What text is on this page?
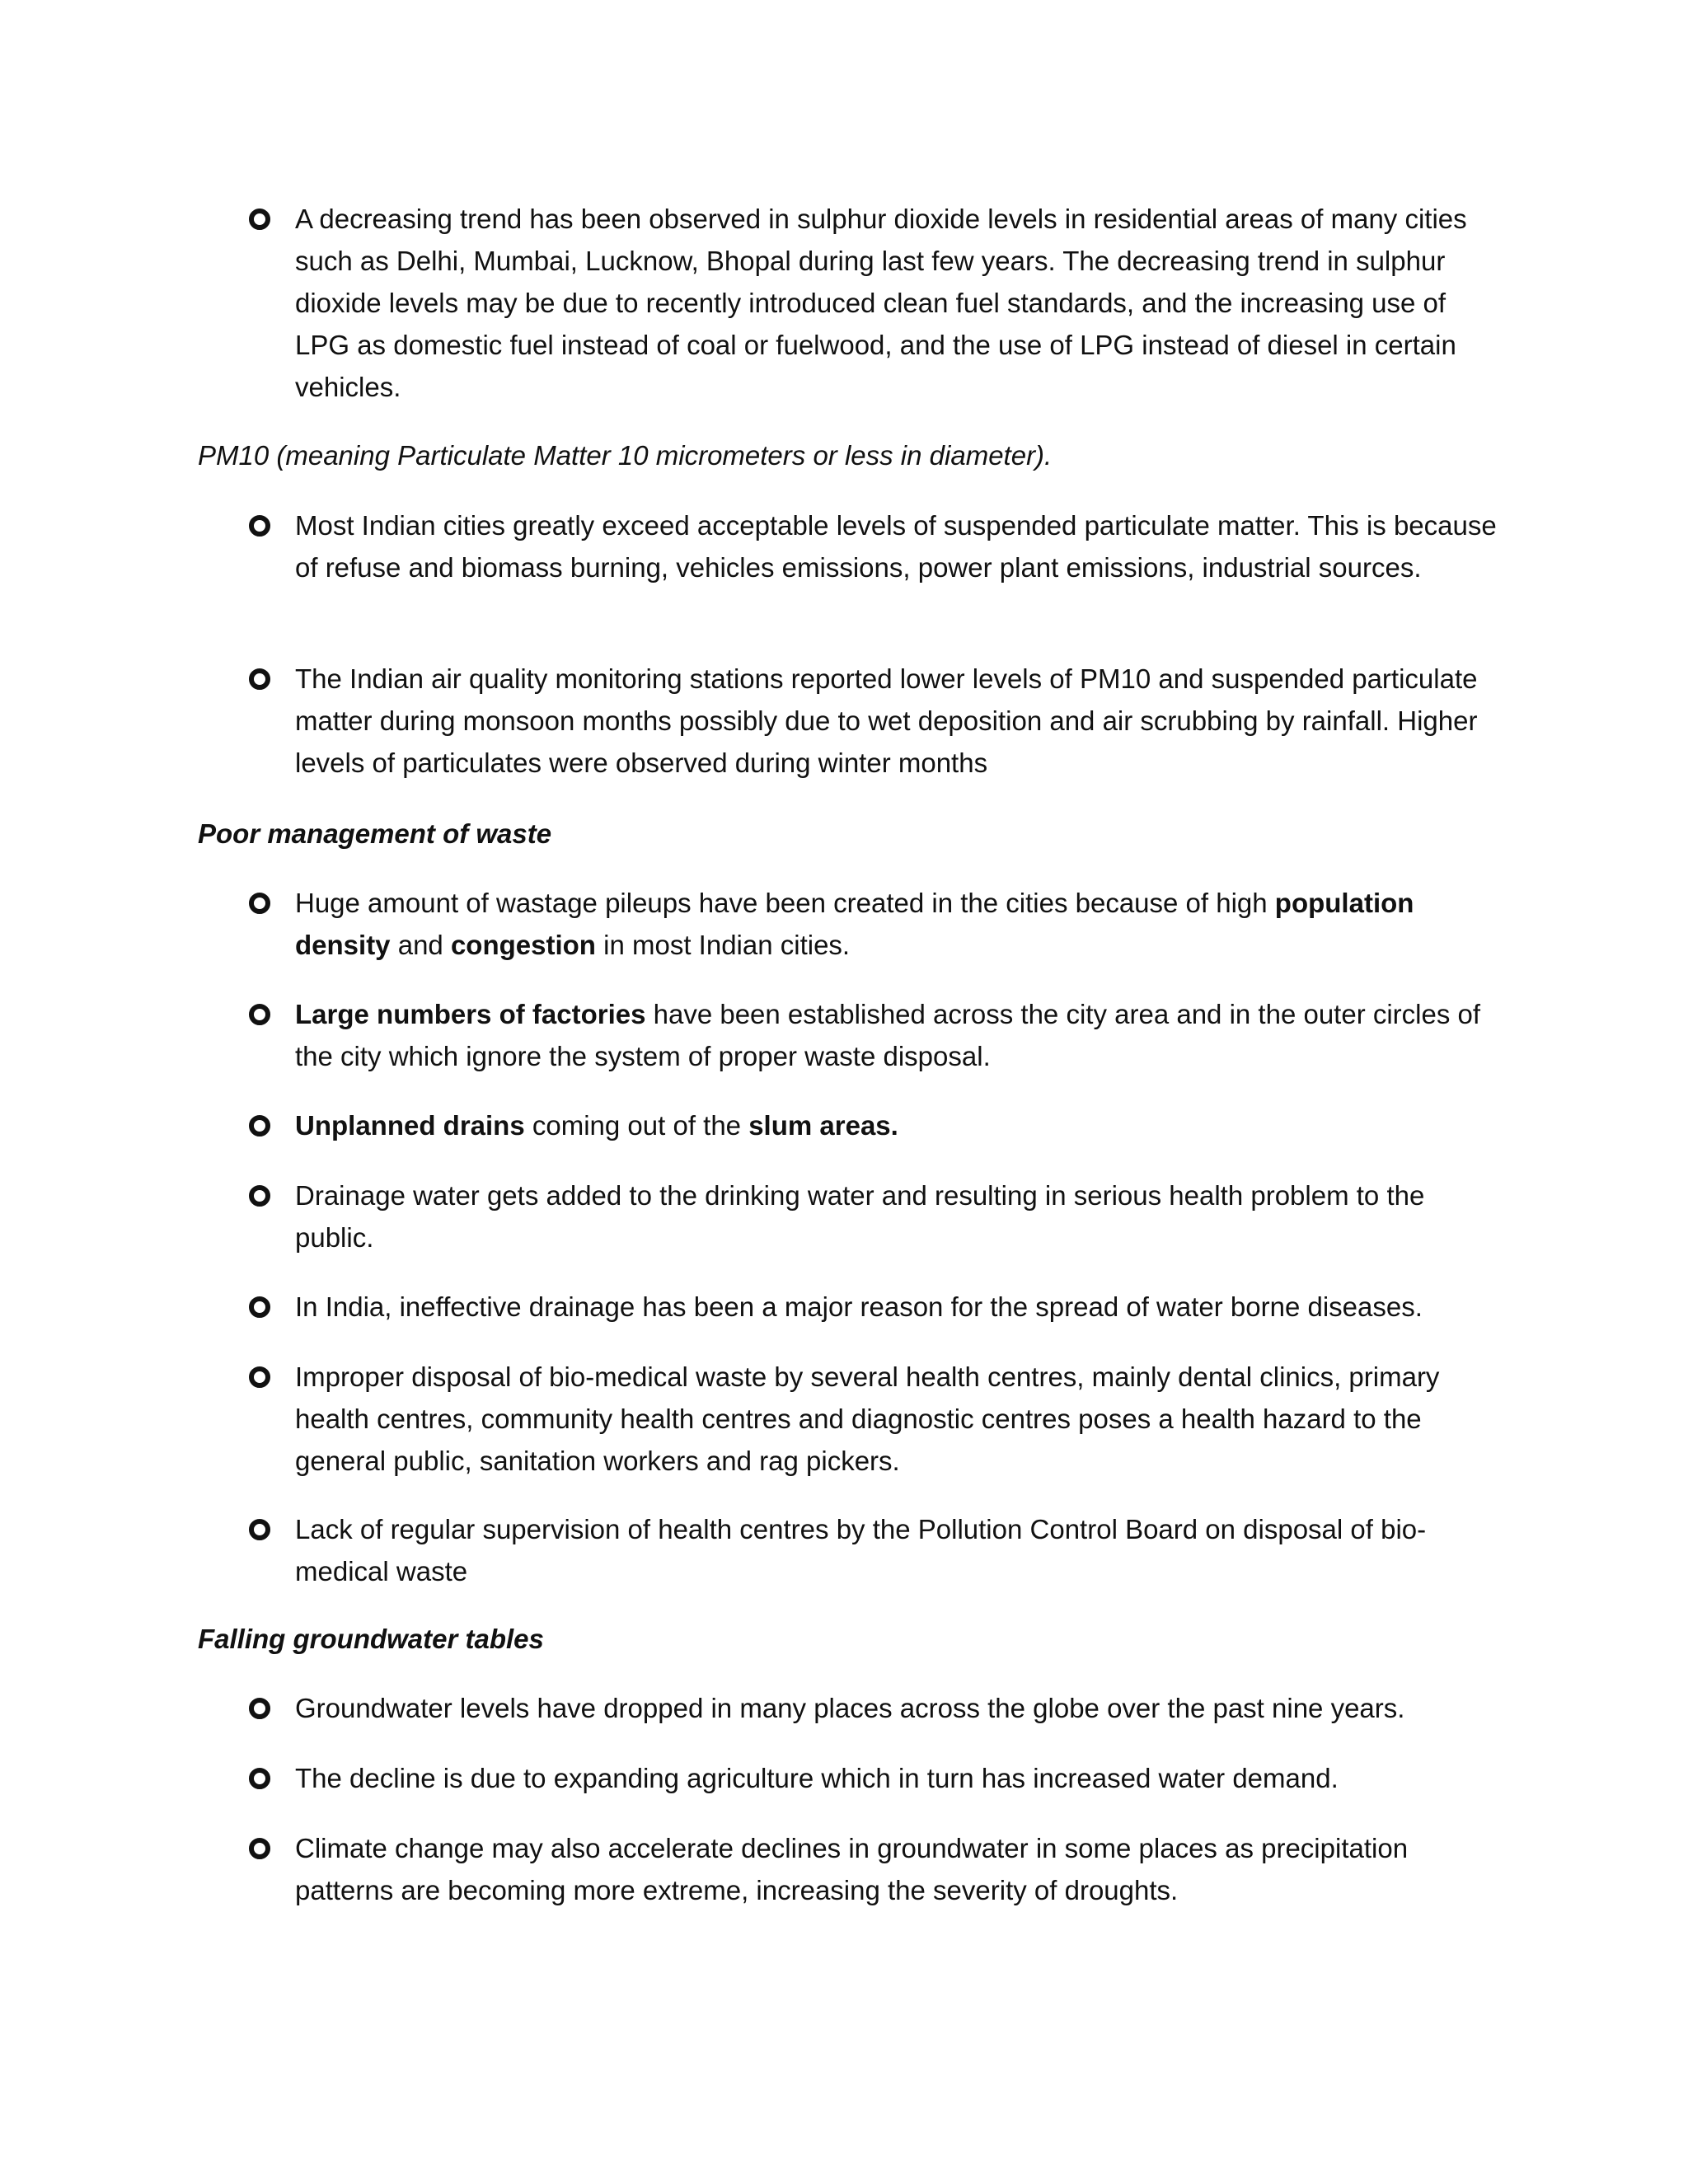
A decreasing trend has been observed in sulphur dioxide levels in residential areas of many cities such as Delhi, Mumbai, Lucknow, Bhopal during last few years. The decreasing trend in sulphur dioxide levels may be due to recently introduced clean fuel standards, and the increasing use of LPG as domestic fuel instead of coal or fuelwood, and the use of LPG instead of diesel in certain vehicles.

PM10 (meaning Particulate Matter 10 micrometers or less in diameter).

Most Indian cities greatly exceed acceptable levels of suspended particulate matter. This is because of refuse and biomass burning, vehicles emissions, power plant emissions, industrial sources.
The Indian air quality monitoring stations reported lower levels of PM10 and suspended particulate matter during monsoon months possibly due to wet deposition and air scrubbing by rainfall. Higher levels of particulates were observed during winter months

Poor management of waste

Huge amount of wastage pileups have been created in the cities because of high population density and congestion in most Indian cities.
Large numbers of factories have been established across the city area and in the outer circles of the city which ignore the system of proper waste disposal.
Unplanned drains coming out of the slum areas.
Drainage water gets added to the drinking water and resulting in serious health problem to the public.
In India, ineffective drainage has been a major reason for the spread of water borne diseases.
Improper disposal of bio-medical waste by several health centres, mainly dental clinics, primary health centres, community health centres and diagnostic centres poses a health hazard to the general public, sanitation workers and rag pickers.
Lack of regular supervision of health centres by the Pollution Control Board on disposal of bio-medical waste

Falling groundwater tables

Groundwater levels have dropped in many places across the globe over the past nine years.
The decline is due to expanding agriculture which in turn has increased water demand.
Climate change may also accelerate declines in groundwater in some places as precipitation patterns are becoming more extreme, increasing the severity of droughts.
